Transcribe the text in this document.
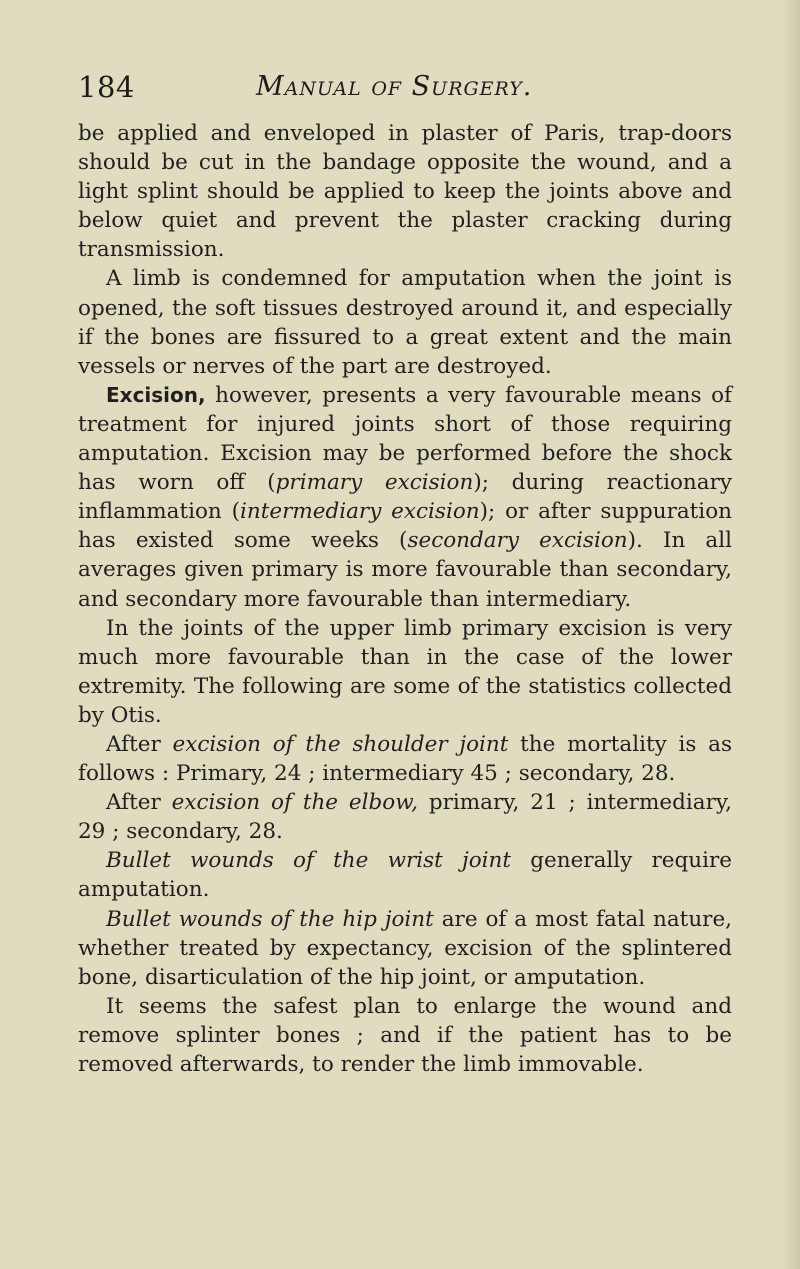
184	Manual of Surgery.

be applied and enveloped in plaster of Paris, trap-doors should be cut in the bandage opposite the wound, and a light splint should be applied to keep the joints above and below quiet and prevent the plaster cracking during transmission.

A limb is condemned for amputation when the joint is opened, the soft tissues destroyed around it, and especially if the bones are fissured to a great extent and the main vessels or nerves of the part are destroyed.

Excision, however, presents a very favourable means of treatment for injured joints short of those requiring amputation. Excision may be performed before the shock has worn off (primary excision); during reactionary inflammation (intermediary excision); or after suppuration has existed some weeks (secondary excision). In all averages given primary is more favourable than secondary, and secondary more favourable than intermediary.

In the joints of the upper limb primary excision is very much more favourable than in the case of the lower extremity. The following are some of the statistics collected by Otis.

After excision of the shoulder joint the mortality is as follows : Primary, 24 ; intermediary 45 ; secondary, 28.

After excision of the elbow, primary, 21 ; intermediary, 29 ; secondary, 28.

Bullet wounds of the wrist joint generally require amputation.

Bullet wounds of the hip joint are of a most fatal nature, whether treated by expectancy, excision of the splintered bone, disarticulation of the hip joint, or amputation.

It seems the safest plan to enlarge the wound and remove splinter bones ; and if the patient has to be removed afterwards, to render the limb immovable.
